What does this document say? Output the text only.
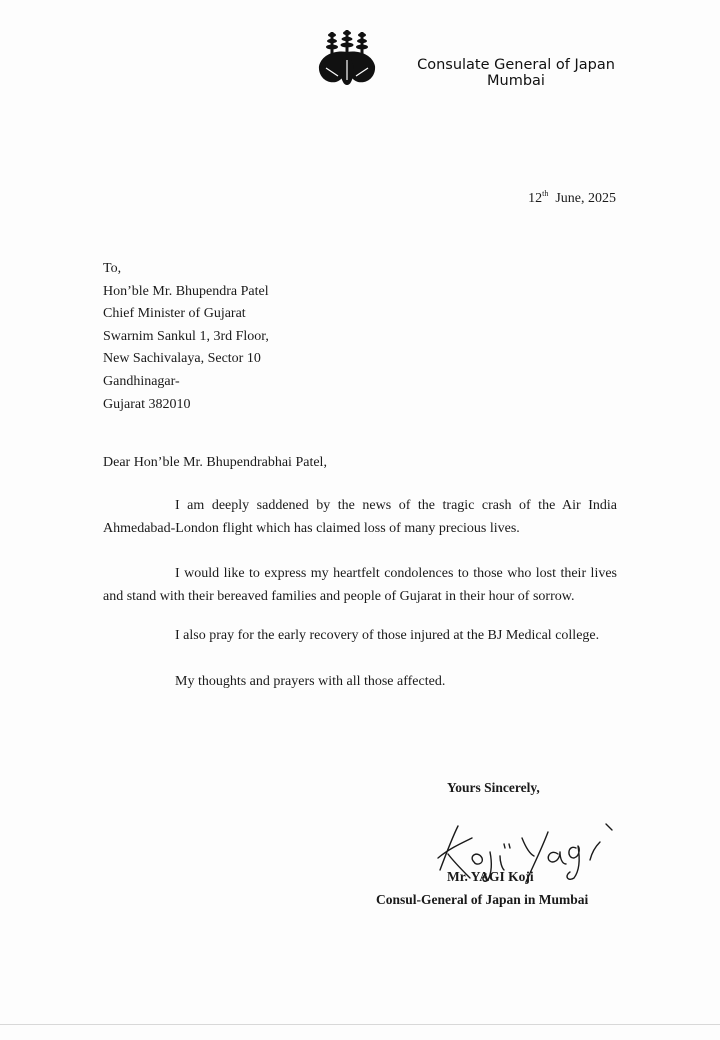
Consulate General of Japan
Mumbai
12th June, 2025
To,
Hon’ble Mr. Bhupendra Patel
Chief Minister of Gujarat
Swarnim Sankul 1, 3rd Floor,
New Sachivalaya, Sector 10
Gandhinagar-
Gujarat 382010
Dear Hon’ble Mr. Bhupendrabhai Patel,
I am deeply saddened by the news of the tragic crash of the Air India Ahmedabad-London flight which has claimed loss of many precious lives.
I would like to express my heartfelt condolences to those who lost their lives and stand with their bereaved families and people of Gujarat in their hour of sorrow.
I also pray for the early recovery of those injured at the BJ Medical college.
My thoughts and prayers with all those affected.
Yours Sincerely,
Mr. YAGI Koji
Consul-General of Japan in Mumbai
